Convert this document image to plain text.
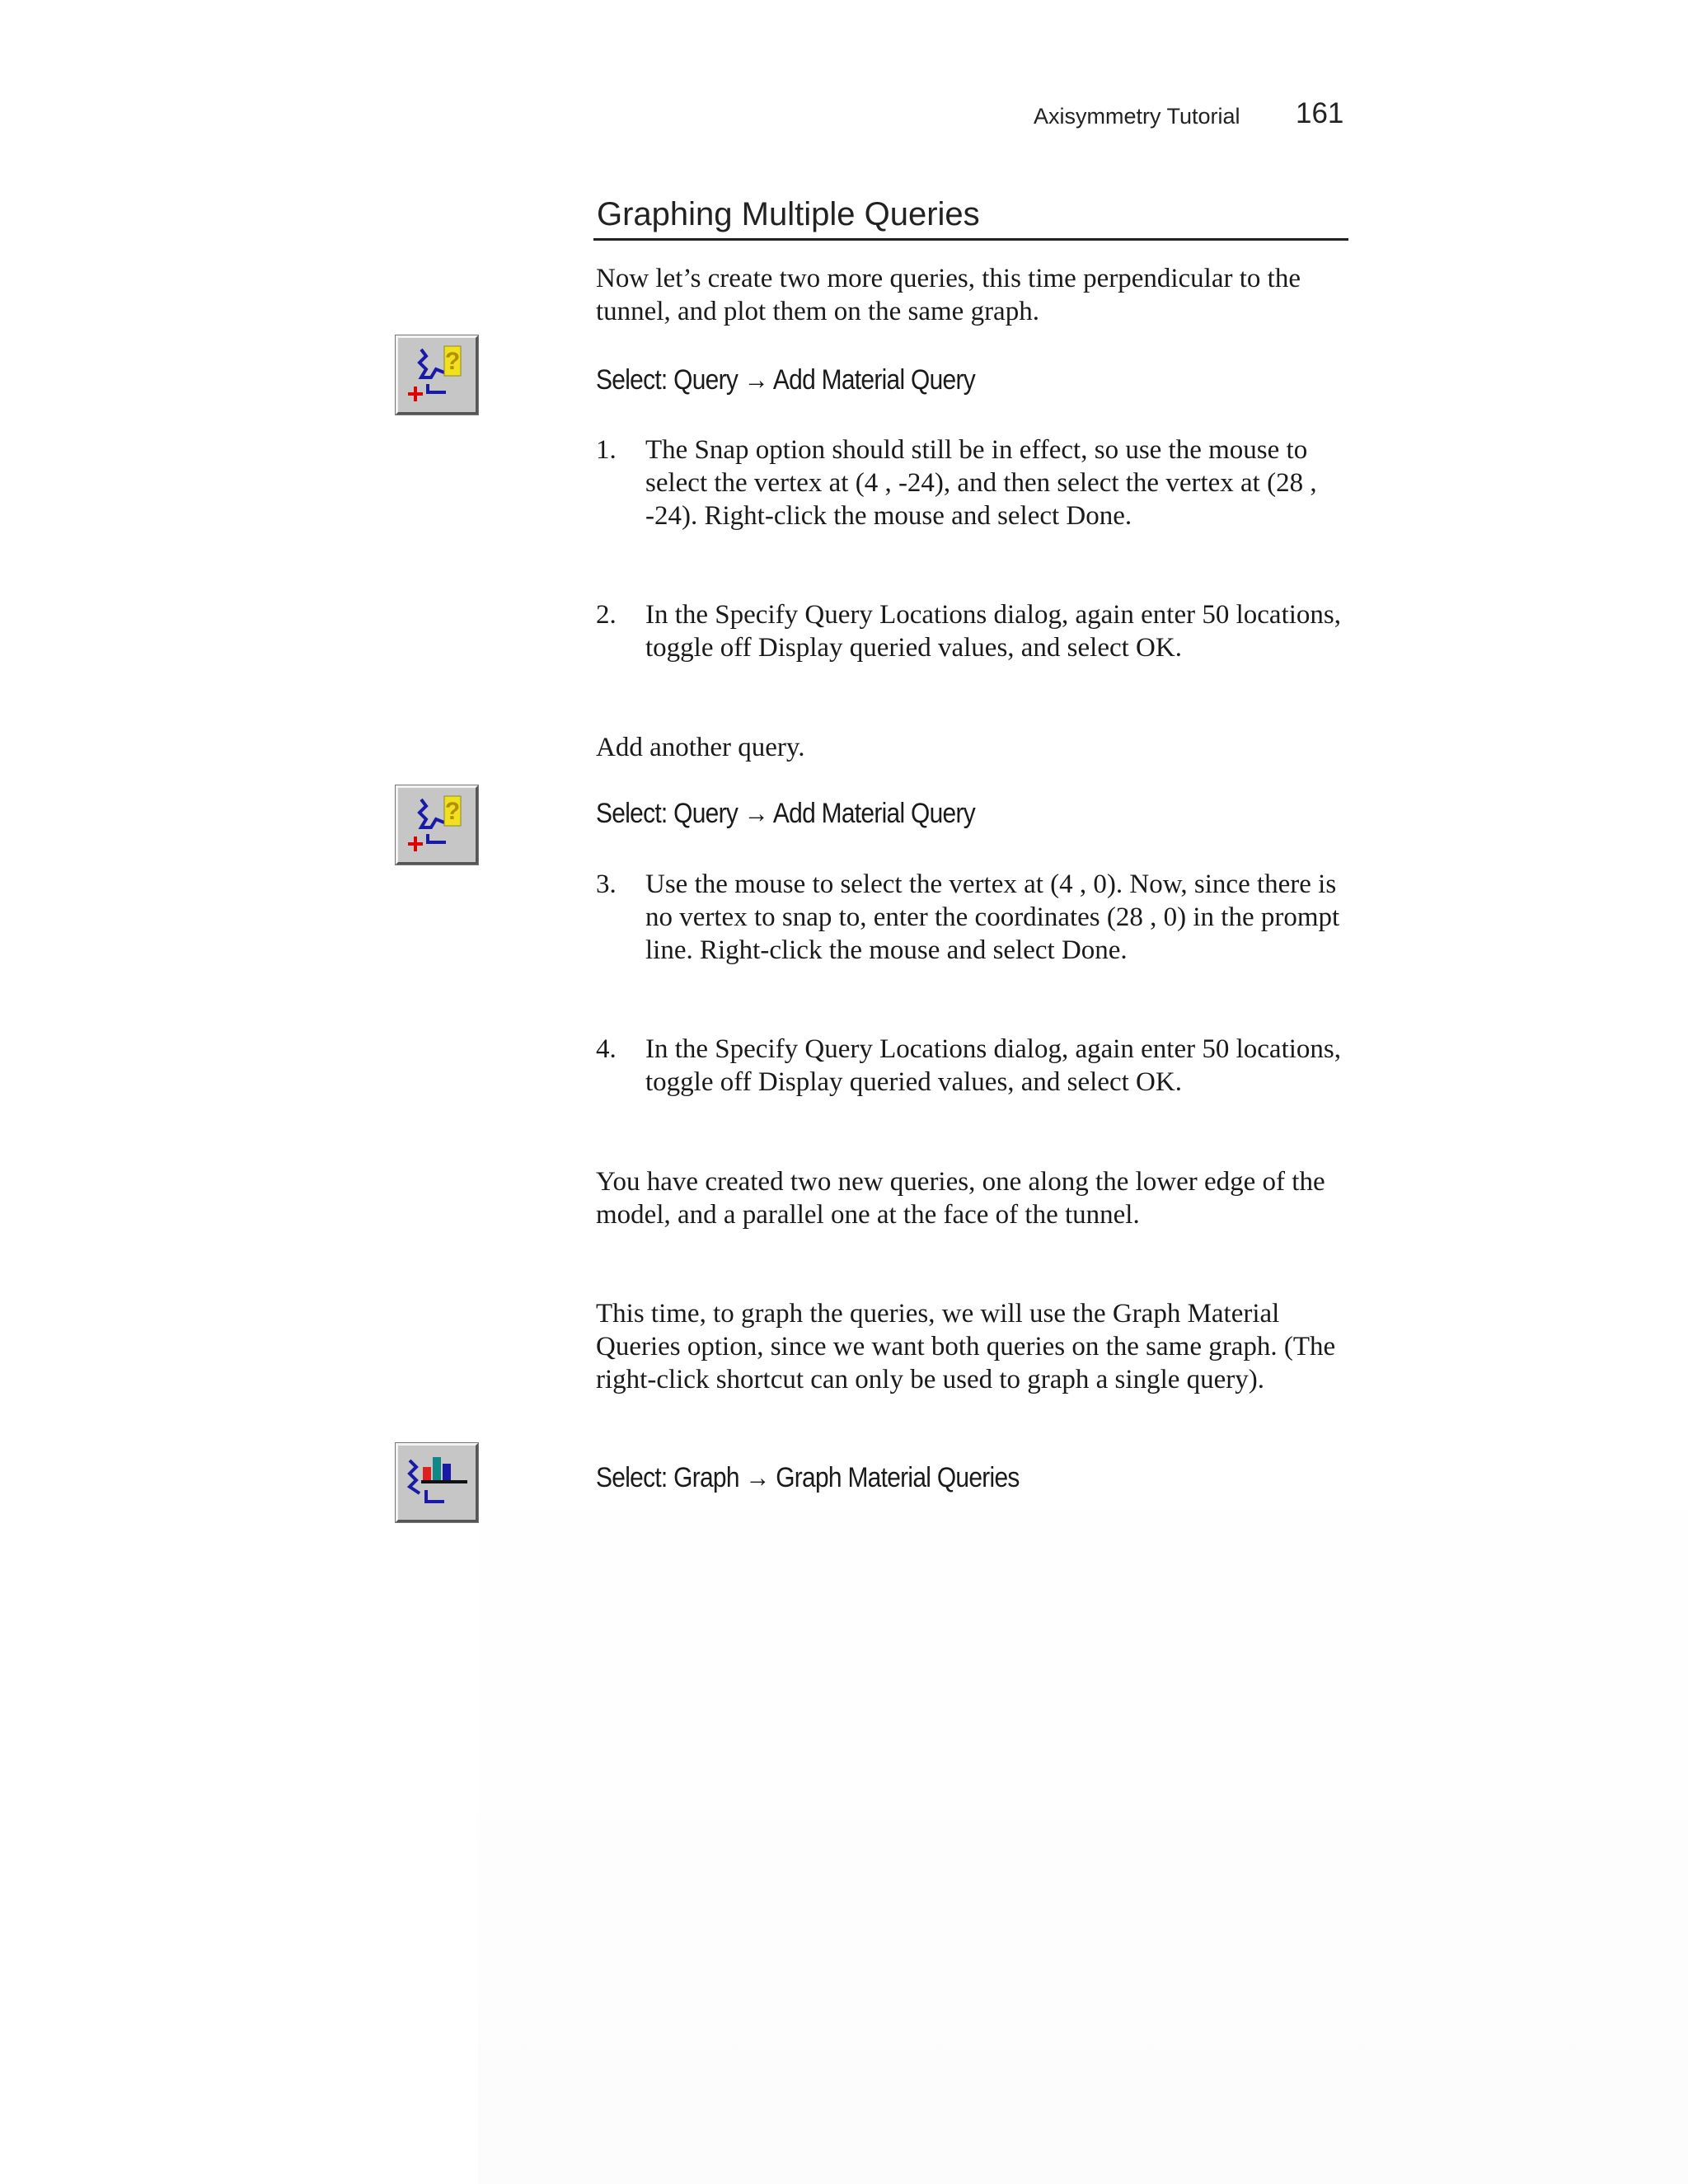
Axisymmetry Tutorial 161
Graphing Multiple Queries
Now let’s create two more queries, this time perpendicular to the tunnel, and plot them on the same graph.
?
Select: Query → Add Material Query
1. The Snap option should still be in effect, so use the mouse to select the vertex at (4 , -24), and then select the vertex at (28 , -24). Right-click the mouse and select Done.
2. In the Specify Query Locations dialog, again enter 50 locations, toggle off Display queried values, and select OK.
Add another query.
?	Select: Query → Add Material Query
3. Use the mouse to select the vertex at (4 , 0). Now, since there is no vertex to snap to, enter the coordinates (28 , 0) in the prompt line. Right-click the mouse and select Done.
4. In the Specify Query Locations dialog, again enter 50 locations, toggle off Display queried values, and select OK.
You have created two new queries, one along the lower edge of the model, and a parallel one at the face of the tunnel.
This time, to graph the queries, we will use the Graph Material Queries option, since we want both queries on the same graph. (The right-click shortcut can only be used to graph a single query).
Select: Graph → Graph Material Queries
